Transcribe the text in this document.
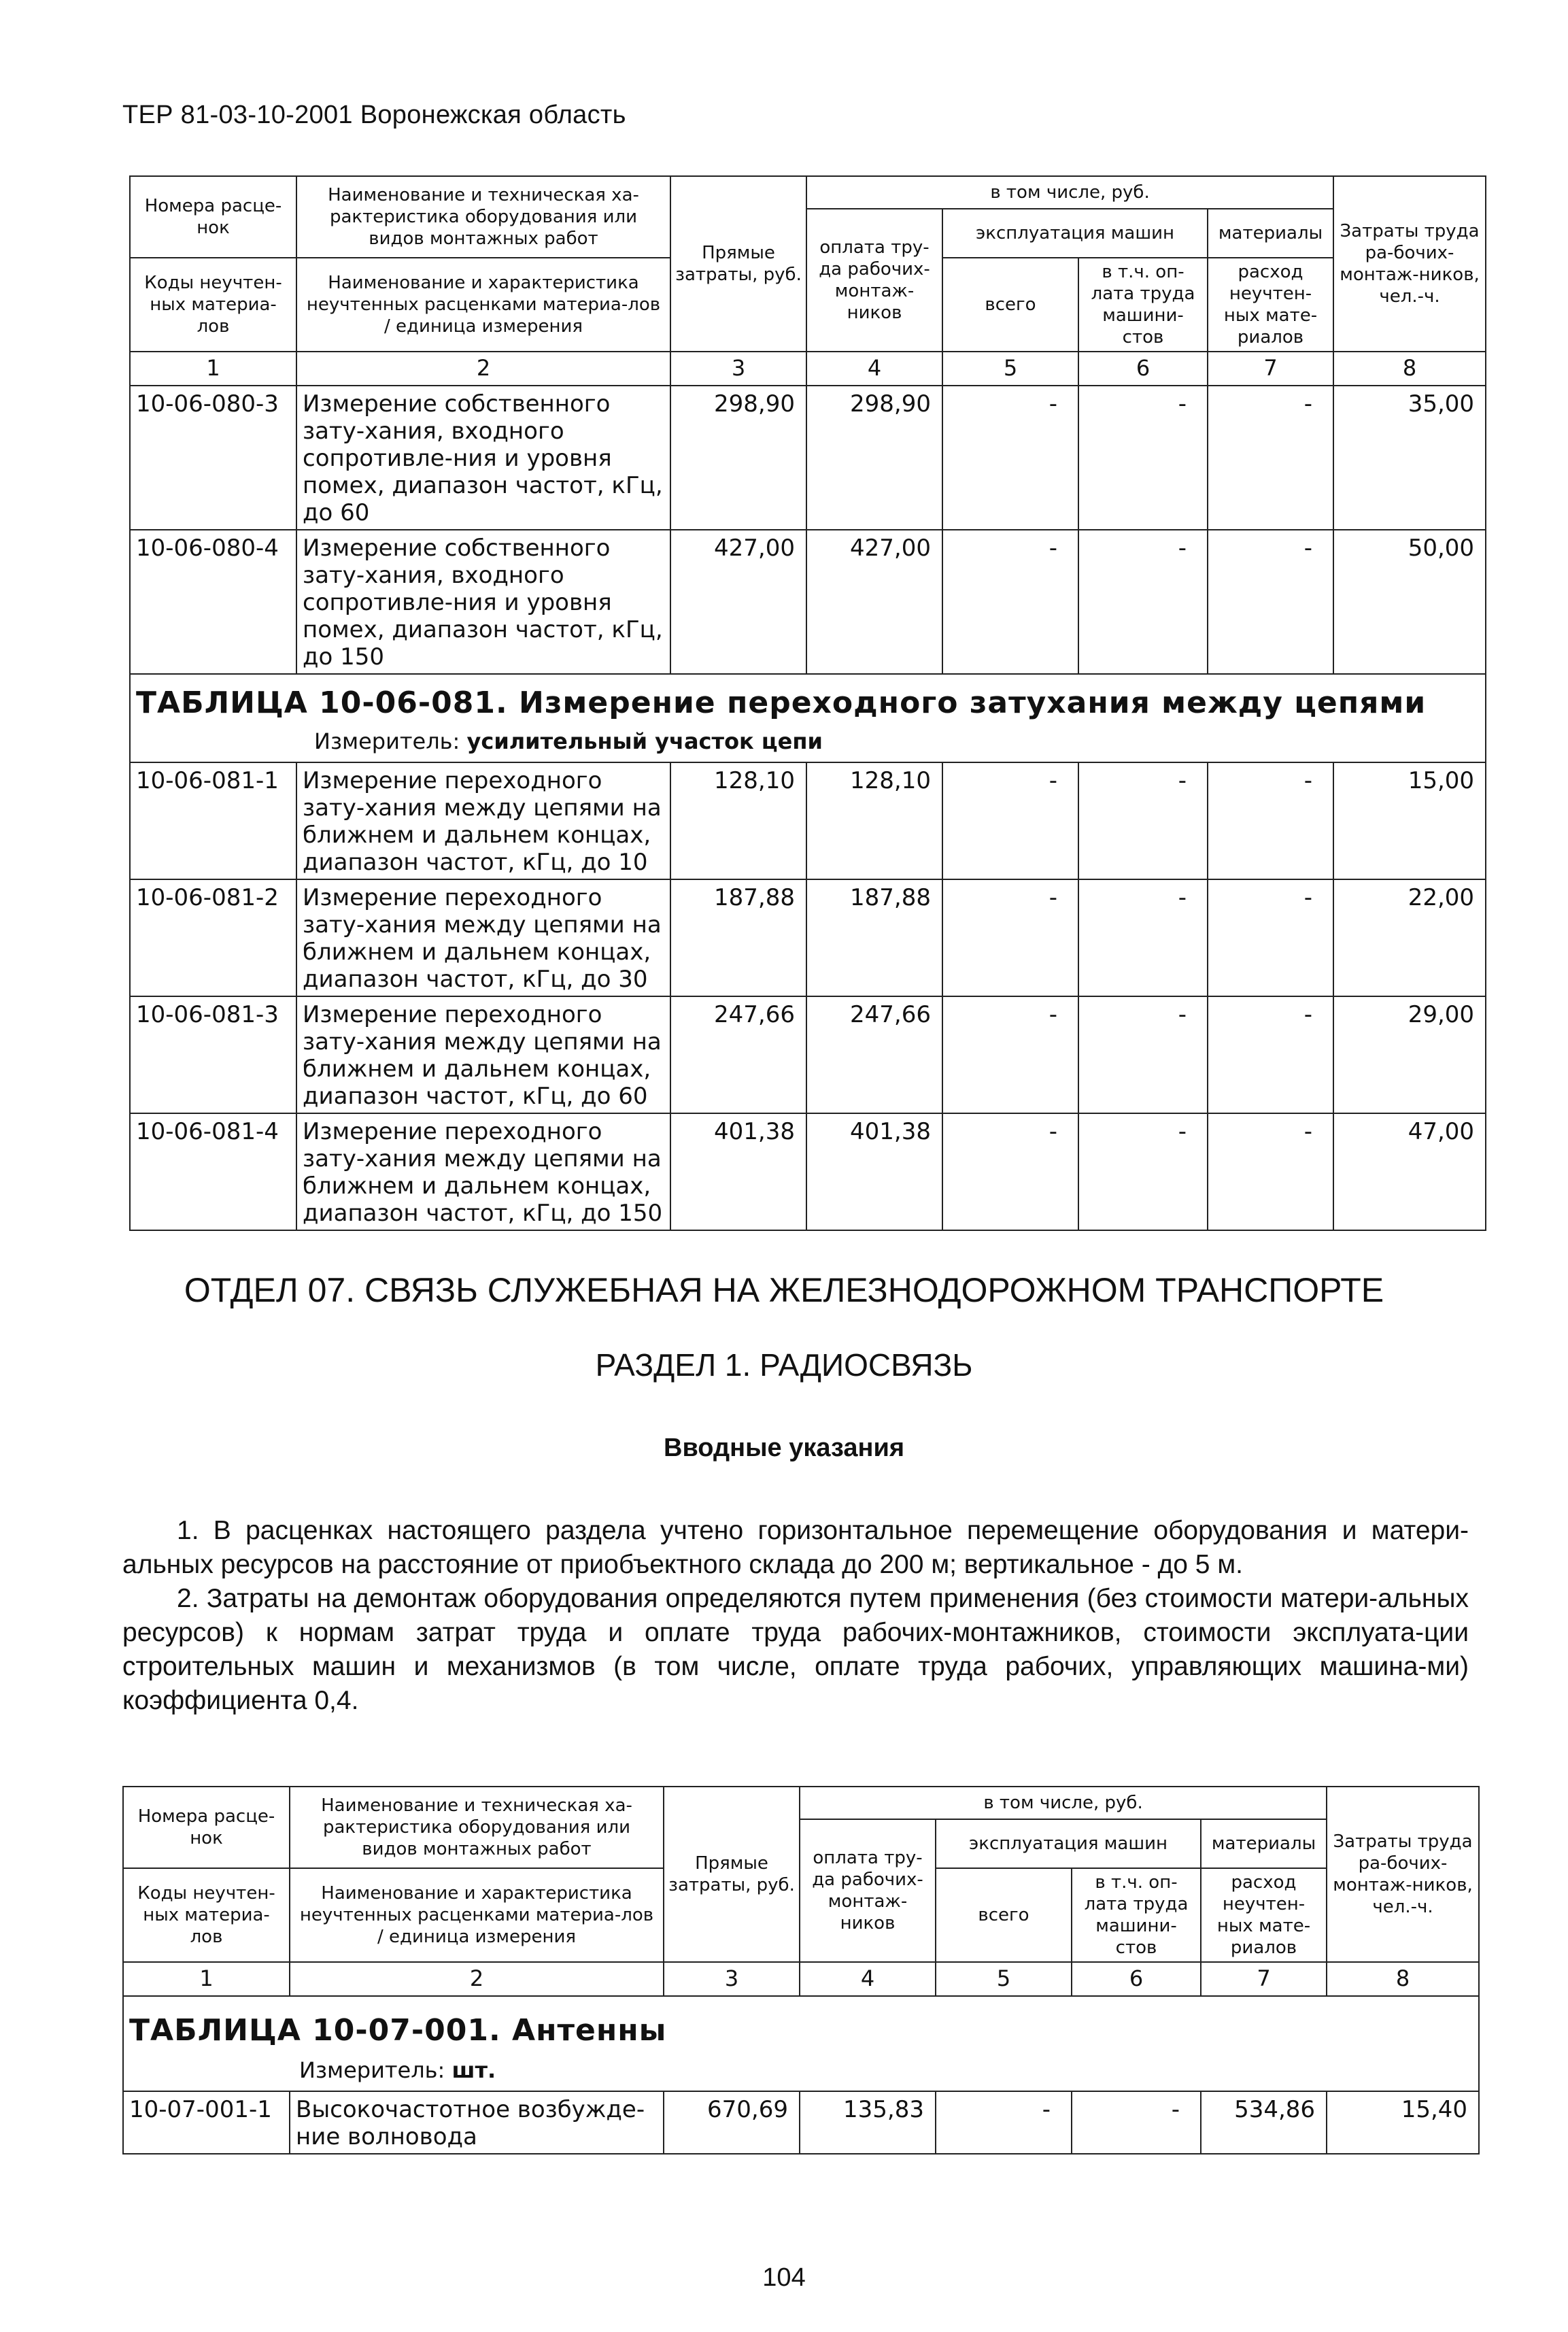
ТЕР 81-03-10-2001 Воронежская область
Номера расце-нок	Наименование и техническая ха-рактеристика оборудования или видов монтажных работ	Прямые затраты, руб.	в том числе, руб.				Затраты труда ра-бочих-монтаж-ников, чел.-ч.
			оплата тру-да рабочих-монтаж-ников	эксплуатация машин		материалы	
Коды неучтен-ных материа-лов	Наименование и характеристика неучтенных расценками материа-лов / единица измерения			всего	в т.ч. оп-лата труда машини-стов	расход неучтен-ных мате-риалов	

1	2	3	4	5	6	7	8
10-06-080-3	Измерение собственного зату-хания, входного сопротивле-ния и уровня помех, диапазон частот, кГц, до 60	298,90	298,90	-	-	-	35,00
10-06-080-4	Измерение собственного зату-хания, входного сопротивле-ния и уровня помех, диапазон частот, кГц, до 150	427,00	427,00	-	-	-	50,00
ТАБЛИЦА 10-06-081. Измерение переходного затухания между цепями							
Измеритель: усилительный участок цепи							
10-06-081-1	Измерение переходного зату-хания между цепями на ближнем и дальнем концах, диапазон частот, кГц, до 10	128,10	128,10	-	-	-	15,00
10-06-081-2	Измерение переходного зату-хания между цепями на ближнем и дальнем концах, диапазон частот, кГц, до 30	187,88	187,88	-	-	-	22,00
10-06-081-3	Измерение переходного зату-хания между цепями на ближнем и дальнем концах, диапазон частот, кГц, до 60	247,66	247,66	-	-	-	29,00
10-06-081-4	Измерение переходного зату-хания между цепями на ближнем и дальнем концах, диапазон частот, кГц, до 150	401,38	401,38	-	-	-	47,00
ОТДЕЛ 07. СВЯЗЬ СЛУЖЕБНАЯ НА ЖЕЛЕЗНОДОРОЖНОМ ТРАНСПОРТЕ
РАЗДЕЛ 1. РАДИОСВЯЗЬ
Вводные указания

1. В расценках настоящего раздела учтено горизонтальное перемещение оборудования и матери-альных ресурсов на расстояние от приобъектного склада до 200 м; вертикальное - до 5 м.

2. Затраты на демонтаж оборудования определяются путем применения (без стоимости матери-альных ресурсов) к нормам затрат труда и оплате труда рабочих-монтажников, стоимости эксплуата-ции строительных машин и механизмов (в том числе, оплате труда рабочих, управляющих машина-ми) коэффициента 0,4.

Номера расце-нок	Наименование и техническая ха-рактеристика оборудования или видов монтажных работ	Прямые затраты, руб.	в том числе, руб.				Затраты труда ра-бочих-монтаж-ников, чел.-ч.
			оплата тру-да рабочих-монтаж-ников	эксплуатация машин		материалы	
Коды неучтен-ных материа-лов	Наименование и характеристика неучтенных расценками материа-лов / единица измерения			всего	в т.ч. оп-лата труда машини-стов	расход неучтен-ных мате-риалов	

1	2	3	4	5	6	7	8
ТАБЛИЦА 10-07-001. Антенны							
Измеритель: шт.							
10-07-001-1	Высокочастотное возбужде-ние волновода	670,69	135,83	-	-	534,86	15,40
104
